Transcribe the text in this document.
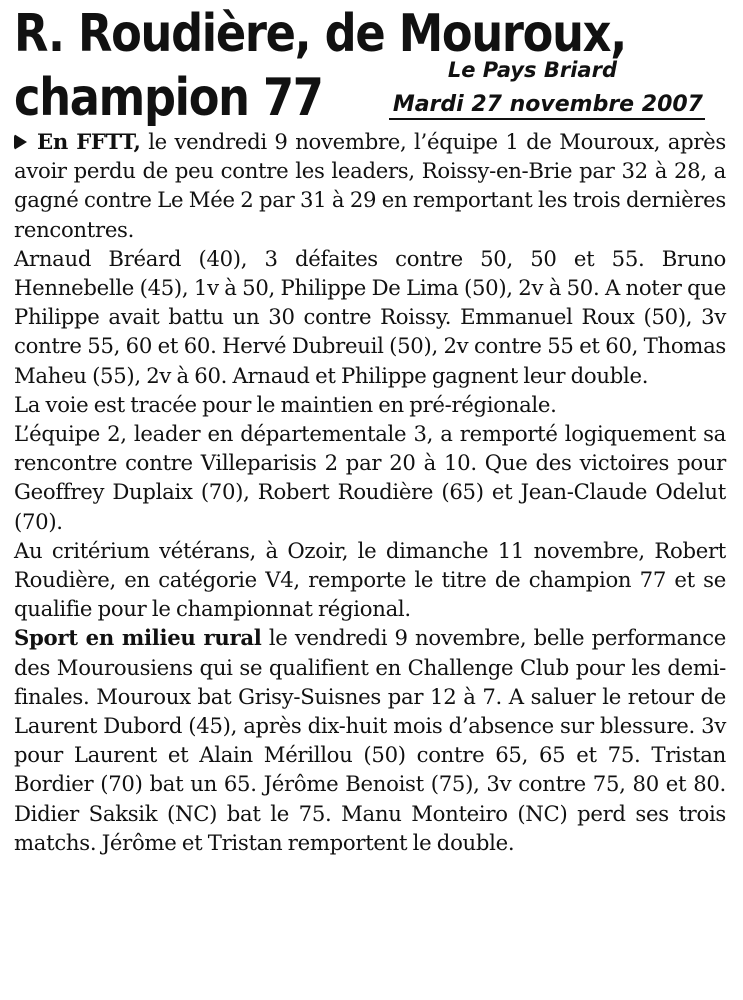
R. Roudière, de Mouroux,
champion 77	Le Pays Briard
Mardi 27 novembre 2007

En FFTT, le vendredi 9 novembre, l’équipe 1 de Mouroux, après avoir perdu de peu contre les leaders, Roissy-en-Brie par 32 à 28, a gagné contre Le Mée 2 par 31 à 29 en remportant les trois dernières rencontres.

Arnaud Bréard (40), 3 défaites contre 50, 50 et 55. Bruno Hennebelle (45), 1v à 50, Philippe De Lima (50), 2v à 50. A noter que Philippe avait battu un 30 contre Roissy. Emmanuel Roux (50), 3v contre 55, 60 et 60. Hervé Dubreuil (50), 2v contre 55 et 60, Thomas Maheu (55), 2v à 60. Arnaud et Philippe gagnent leur double.

La voie est tracée pour le maintien en pré-régionale.

L’équipe 2, leader en départementale 3, a remporté logiquement sa rencontre contre Villeparisis 2 par 20 à 10. Que des victoires pour Geoffrey Duplaix (70), Robert Roudière (65) et Jean-Claude Odelut (70).

Au critérium vétérans, à Ozoir, le dimanche 11 novembre, Robert Roudière, en catégorie V4, remporte le titre de champion 77 et se qualifie pour le championnat régional.

Sport en milieu rural le vendredi 9 novembre, belle performance des Mourousiens qui se qualifient en Challenge Club pour les demi-finales. Mouroux bat Grisy-Suisnes par 12 à 7. A saluer le retour de Laurent Dubord (45), après dix-huit mois d’absence sur blessure. 3v pour Laurent et Alain Mérillou (50) contre 65, 65 et 75. Tristan Bordier (70) bat un 65. Jérôme Benoist (75), 3v contre 75, 80 et 80. Didier Saksik (NC) bat le 75. Manu Monteiro (NC) perd ses trois matchs. Jérôme et Tristan remportent le double.
